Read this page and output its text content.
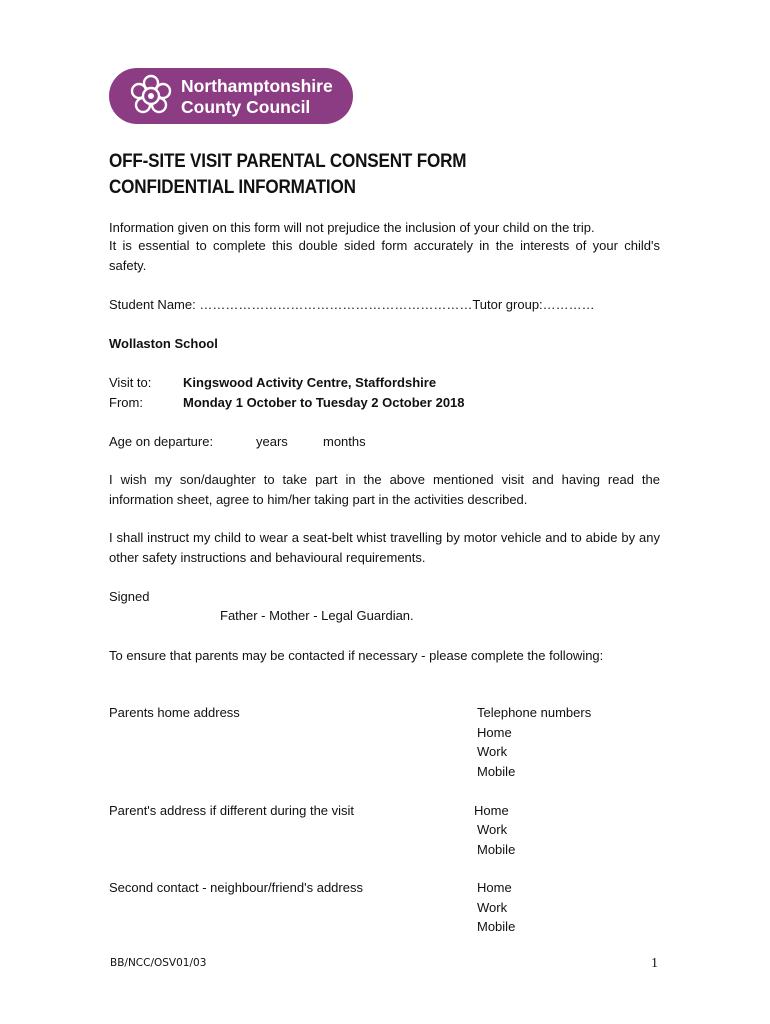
Northamptonshire
County Council
OFF-SITE VISIT PARENTAL CONSENT FORM
CONFIDENTIAL INFORMATION
Information given on this form will not prejudice the inclusion of your child on the trip.

It is essential to complete this double sided form accurately in the interests of your child's safety.

Student Name: ………………………………………………………Tutor group:…………
Wollaston School
Visit to: Kingswood Activity Centre, Staffordshire
From:	Monday 1 October to Tuesday 2 October 2018
Age on departure:	years	months

I wish my son/daughter to take part in the above mentioned visit and having read the information sheet, agree to him/her taking part in the activities described.

I shall instruct my child to wear a seat-belt whist travelling by motor vehicle and to abide by any other safety instructions and behavioural requirements.

Signed
Father - Mother - Legal Guardian.
To ensure that parents may be contacted if necessary - please complete the following:
Parents home address	Telephone numbers
Home
Work
Mobile
Parent's address if different during the visit	Home
Work
Mobile
Second contact - neighbour/friend's address	Home
Work
Mobile
BB/NCC/OSV01/03	1
